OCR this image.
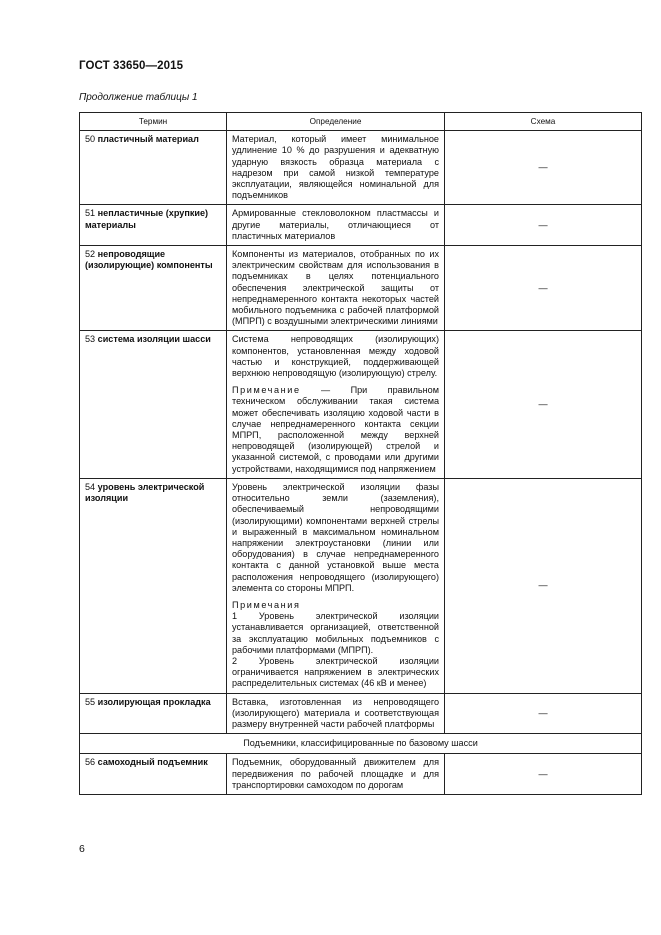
ГОСТ 33650—2015
Продолжение таблицы 1
Термин	Определение	Схема
50 пластичный материал	Материал, который имеет минимальное удлинение 10 % до разрушения и адекватную ударную вязкость образца материала с надрезом при самой низкой температуре эксплуатации, являющейся номинальной для подъемников	—
51 непластичные (хрупкие) материалы	Армированные стекловолокном пластмассы и другие материалы, отличающиеся от пластичных материалов	—
52 непроводящие (изолирующие) компоненты	Компоненты из материалов, отобранных по их электрическим свойствам для использования в подъемниках в целях потенциального обеспечения электрической защиты от непреднамеренного контакта некоторых частей мобильного подъемника с рабочей платформой (МПРП) с воздушными электрическими линиями	—
53 система изоляции шасси	Система непроводящих (изолирующих) компонентов, установленная между ходовой частью и конструкцией, поддерживающей верхнюю непроводящую (изолирующую) стрелу.

Примечание — При правильном техническом обслуживании такая система может обеспечивать изоляцию ходовой части в случае непреднамеренного контакта секции МПРП, расположенной между верхней непроводящей (изолирующей) стрелой и указанной системой, с проводами или другими устройствами, находящимися под напряжением	—
54 уровень электрической изоляции	Уровень электрической изоляции фазы относительно земли (заземления), обеспечиваемый непроводящими (изолирующими) компонентами верхней стрелы и выраженный в максимальном номинальном напряжении электроустановки (линии или оборудования) в случае непреднамеренного контакта с данной установкой выше места расположения непроводящего (изолирующего) элемента со стороны МПРП.

Примечания

1 Уровень электрической изоляции устанавливается организацией, ответственной за эксплуатацию мобильных подъемников с рабочими платформами (МПРП).

2 Уровень электрической изоляции ограничивается напряжением в электрических распределительных системах (46 кВ и менее)	—
55 изолирующая прокладка	Вставка, изготовленная из непроводящего (изолирующего) материала и соответствующая размеру внутренней части рабочей платформы	—
Подъемники, классифицированные по базовому шасси		
56 самоходный подъемник	Подъемник, оборудованный движителем для передвижения по рабочей площадке и для транспортировки самоходом по дорогам	—
6
